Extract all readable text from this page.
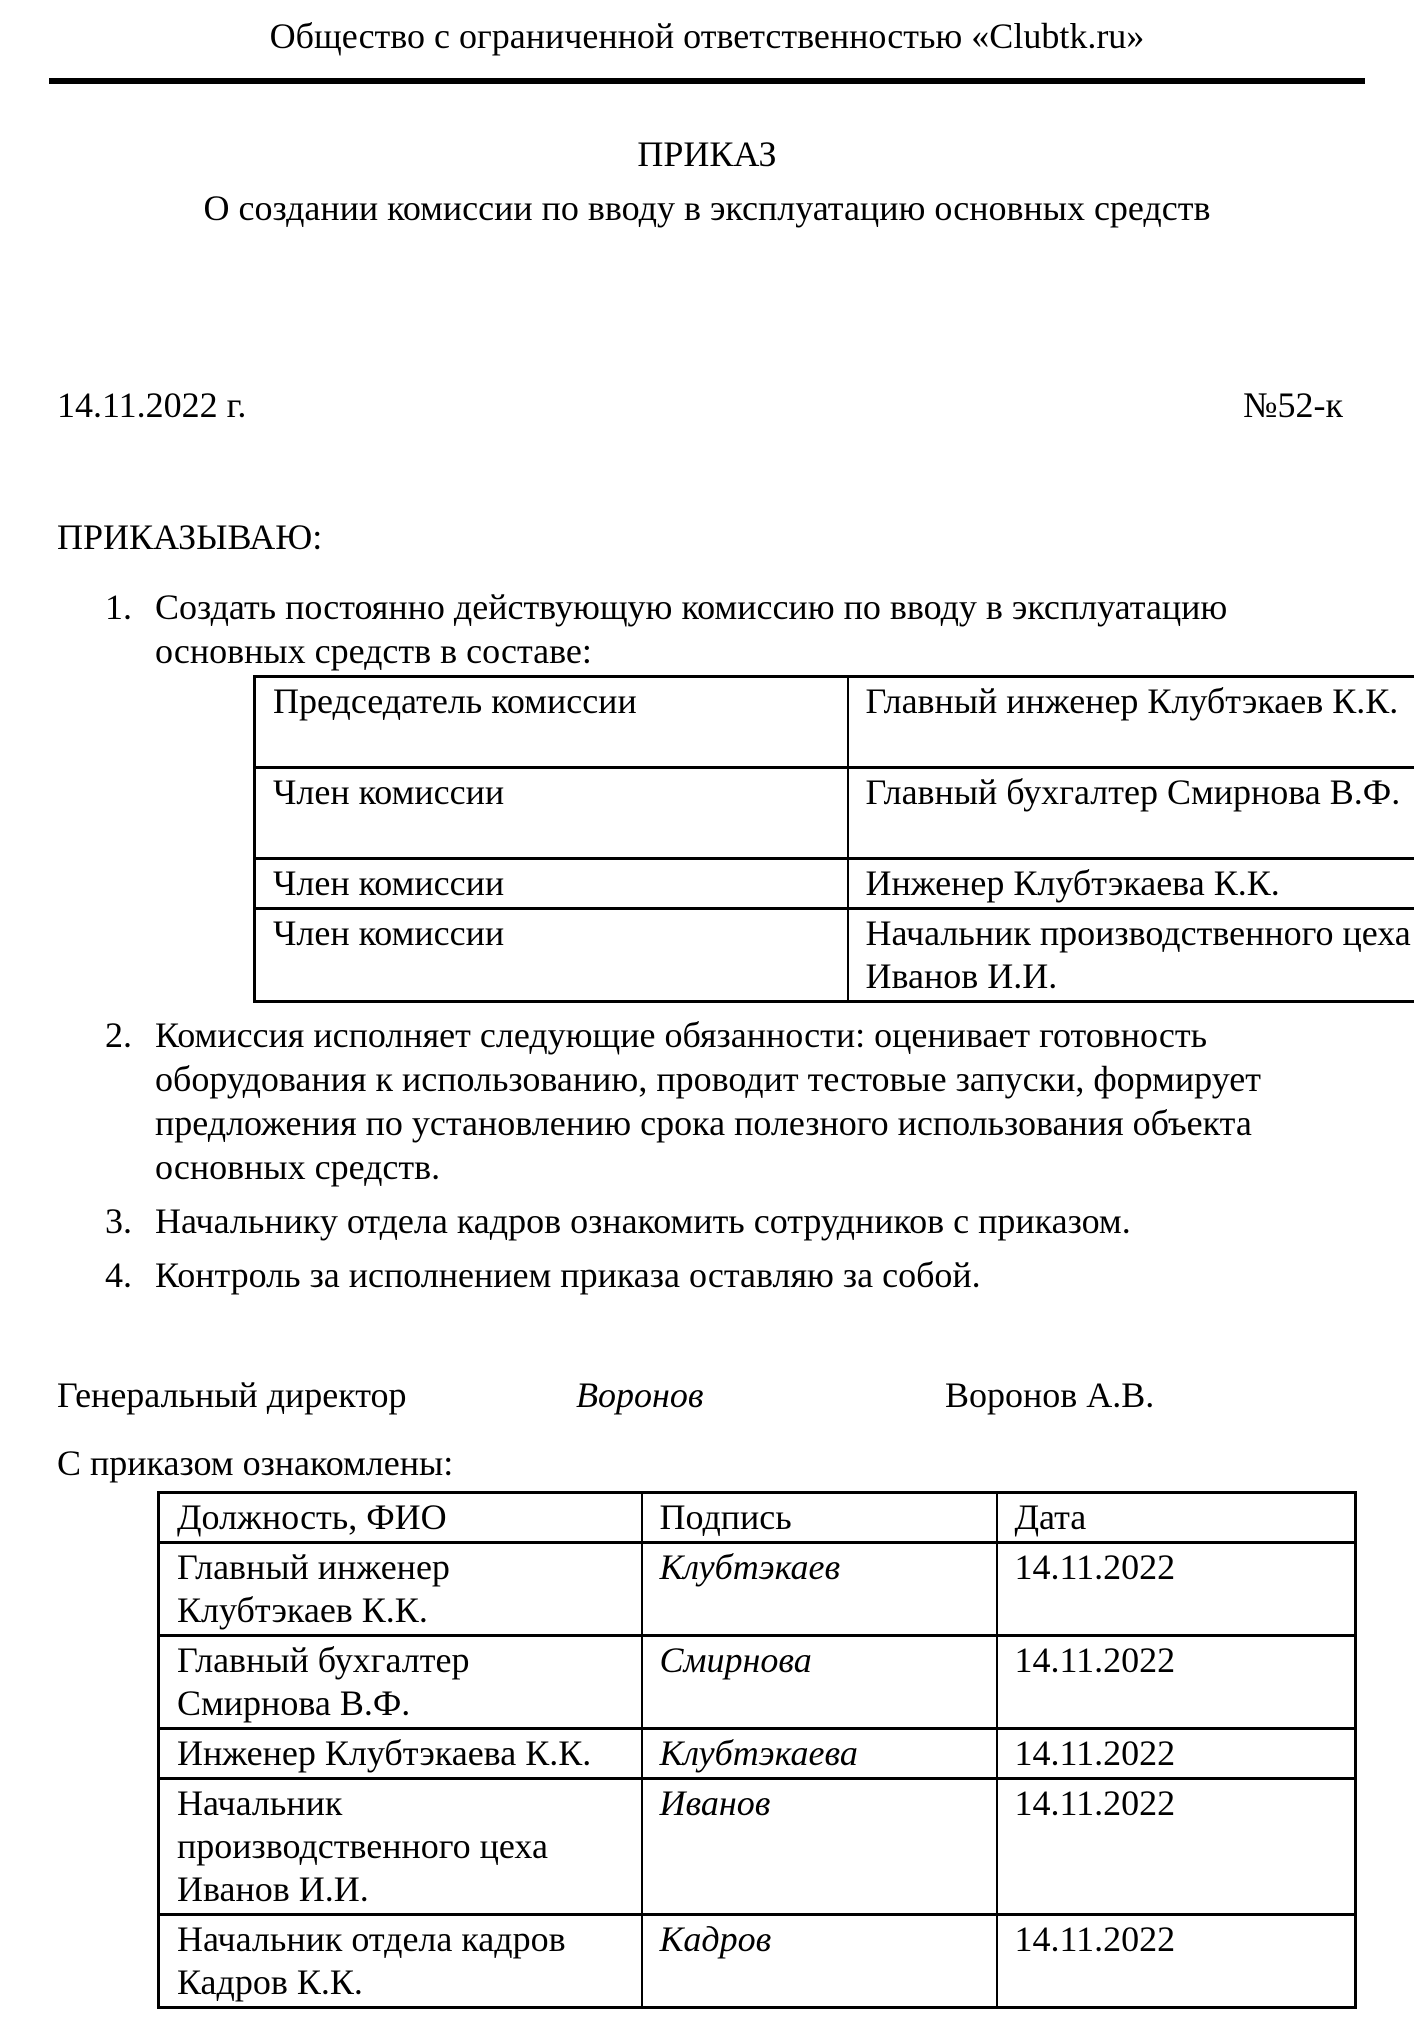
Общество с ограниченной ответственностью «Clubtk.ru»
ПРИКАЗ
О создании комиссии по вводу в эксплуатацию основных средств
14.11.2022 г.	№52-к
ПРИКАЗЫВАЮ:
1. Создать постоянно действующую комиссию по вводу в эксплуатацию основных средств в составе:
Председатель комиссии	Главный инженер Клубтэкаев К.К.
Член комиссии	Главный бухгалтер Смирнова В.Ф.
Член комиссии	Инженер Клубтэкаева К.К.
Член комиссии	Начальник производственного цеха Иванов И.И.
2. Комиссия исполняет следующие обязанности: оценивает готовность оборудования к использованию, проводит тестовые запуски, формирует предложения по установлению срока полезного использования объекта основных средств.
3. Начальнику отдела кадров ознакомить сотрудников с приказом.
4. Контроль за исполнением приказа оставляю за собой.
Генеральный директор	Воронов	Воронов А.В.
С приказом ознакомлены:
Должность, ФИО	Подпись	Дата
Главный инженер Клубтэкаев К.К.	Клубтэкаев	14.11.2022
Главный бухгалтер Смирнова В.Ф.	Смирнова	14.11.2022
Инженер Клубтэкаева К.К.	Клубтэкаева	14.11.2022
Начальник производственного цеха Иванов И.И.	Иванов	14.11.2022
Начальник отдела кадров Кадров К.К.	Кадров	14.11.2022
